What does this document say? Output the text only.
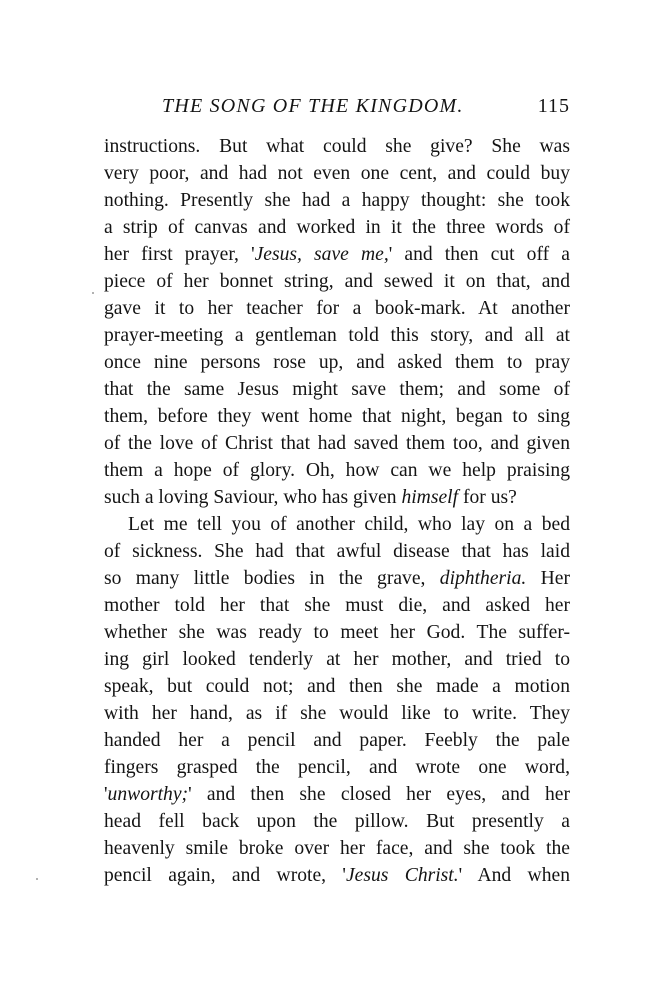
THE SONG OF THE KINGDOM.	115
instructions. But what could she give? She was
very poor, and had not even one cent, and could buy
nothing. Presently she had a happy thought: she took
a strip of canvas and worked in it the three words of
her first prayer, 'Jesus, save me,' and then cut off a
piece of her bonnet string, and sewed it on that, and
gave it to her teacher for a book-mark. At another
prayer-meeting a gentleman told this story, and all at
once nine persons rose up, and asked them to pray
that the same Jesus might save them; and some of
them, before they went home that night, began to sing
of the love of Christ that had saved them too, and given
them a hope of glory. Oh, how can we help praising
such a loving Saviour, who has given himself for us?
Let me tell you of another child, who lay on a bed
of sickness. She had that awful disease that has laid
so many little bodies in the grave, diphtheria. Her
mother told her that she must die, and asked her
whether she was ready to meet her God. The suffer-
ing girl looked tenderly at her mother, and tried to
speak, but could not; and then she made a motion
with her hand, as if she would like to write. They
handed her a pencil and paper. Feebly the pale
fingers grasped the pencil, and wrote one word,
'unworthy;' and then she closed her eyes, and her
head fell back upon the pillow. But presently a
heavenly smile broke over her face, and she took the
pencil again, and wrote, 'Jesus Christ.' And when
